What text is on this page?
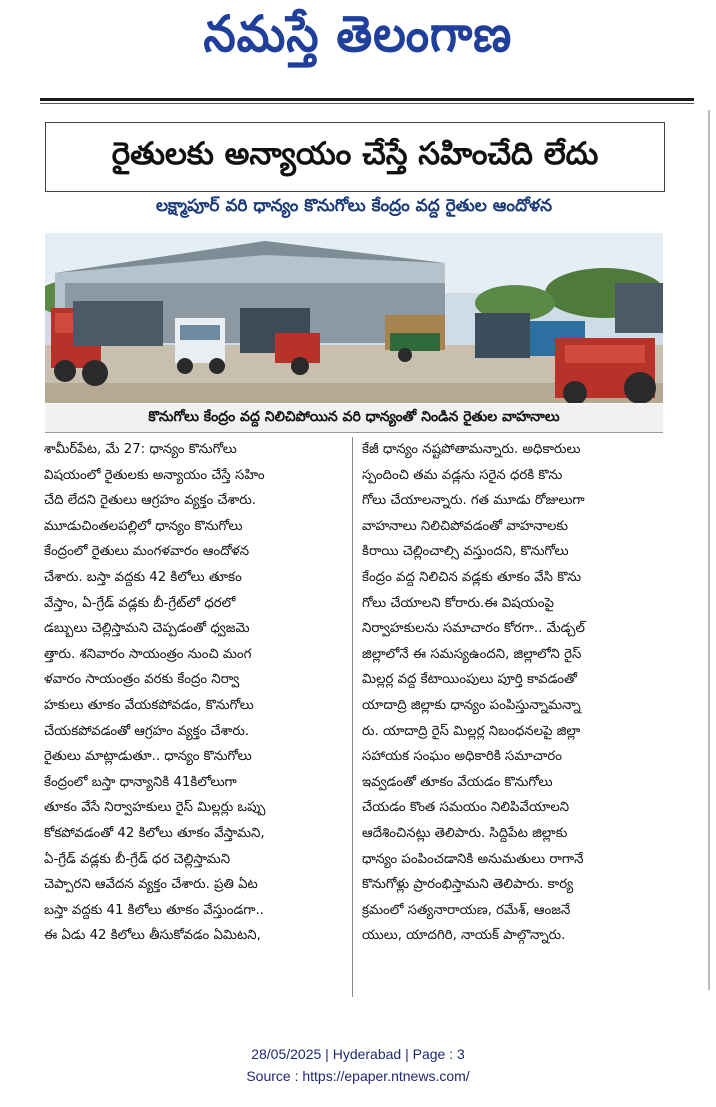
నమస్తే తెలంగాణ
రైతులకు అన్యాయం చేస్తే సహించేది లేదు
లక్ష్మాపూర్ వరి ధాన్యం కొనుగోలు కేంద్రం వద్ద రైతుల ఆందోళన
కొనుగోలు కేంద్రం వద్ద నిలిచిపోయిన వరి ధాన్యంతో నిండిన రైతుల వాహనాలు
శామీర్‌పేట, మే 27: ధాన్యం కొనుగోలు
విషయంలో రైతులకు అన్యాయం చేస్తే సహిం
చేది లేదని రైతులు ఆగ్రహం వ్యక్తం చేశారు.
మూడుచింతలపల్లిలో ధాన్యం కొనుగోలు
కేంద్రంలో రైతులు మంగళవారం ఆందోళన
చేశారు. బస్తా వద్దకు 42 కిలోలు తూకం
వేస్తాం, ఏ-గ్రేడ్ వడ్లకు బీ-గ్రేట్‌లో ధరలో
డబ్బులు చెల్లిస్తామని చెప్పడంతో ధ్వజమె
త్తారు. శనివారం సాయంత్రం నుంచి మంగ
ళవారం సాయంత్రం వరకు కేంద్రం నిర్వా
హకులు తూకం వేయకపోవడం, కొనుగోలు
చేయకపోవడంతో ఆగ్రహం వ్యక్తం చేశారు.
రైతులు మాట్లాడుతూ.. ధాన్యం కొనుగోలు
కేంద్రంలో బస్తా ధాన్యానికి 41కిలోలుగా
తూకం వేసే నిర్వాహకులు రైస్ మిల్లర్లు ఒప్పు
కోకపోవడంతో 42 కిలోలు తూకం వేస్తామని,
ఏ-గ్రేడ్ వడ్లకు బీ-గ్రేడ్ ధర చెల్లిస్తామని
చెప్పారని ఆవేదన వ్యక్తం చేశారు. ప్రతి ఏట
బస్తా వద్దకు 41 కిలోలు తూకం వేస్తుండగా..
ఈ ఏడు 42 కిలోలు తీసుకోవడం ఏమిటని,
కేజీ ధాన్యం నష్టపోతామన్నారు. అధికారులు
స్పందించి తమ వడ్లను సరైన ధరకి కొను
గోలు చేయాలన్నారు. గత మూడు రోజులుగా
వాహనాలు నిలిచిపోవడంతో వాహనాలకు
కిరాయి చెల్లించాల్సి వస్తుందని, కొనుగోలు
కేంద్రం వద్ద నిలిచిన వడ్లకు తూకం వేసి కొను
గోలు చేయాలని కోరారు.ఈ విషయంపై
నిర్వాహకులను సమాచారం కోరగా.. మేడ్చల్
జిల్లాలోనే ఈ సమస్యఉందని, జిల్లాలోని రైస్
మిల్లర్ల వద్ద కేటాయింపులు పూర్తి కావడంతో
యాదాద్రి జిల్లాకు ధాన్యం పంపిస్తున్నామన్నా
రు. యాదాద్రి రైస్ మిల్లర్ల నిబంధనలపై జిల్లా
సహాయక సంఘం అధికారికి సమాచారం
ఇవ్వడంతో తూకం వేయడం కొనుగోలు
చేయడం కొంత సమయం నిలిపివేయాలని
ఆదేశించినట్లు తెలిపారు. సిద్దిపేట జిల్లాకు
ధాన్యం పంపించడానికి అనుమతులు రాగానే
కొనుగోళ్లు ప్రారంభిస్తామని తెలిపారు. కార్య
క్రమంలో సత్యనారాయణ, రమేశ్, ఆంజనే
యులు, యాదగిరి, నాయక్ పాల్గొన్నారు.
28/05/2025 | Hyderabad | Page : 3
Source : https://epaper.ntnews.com/
